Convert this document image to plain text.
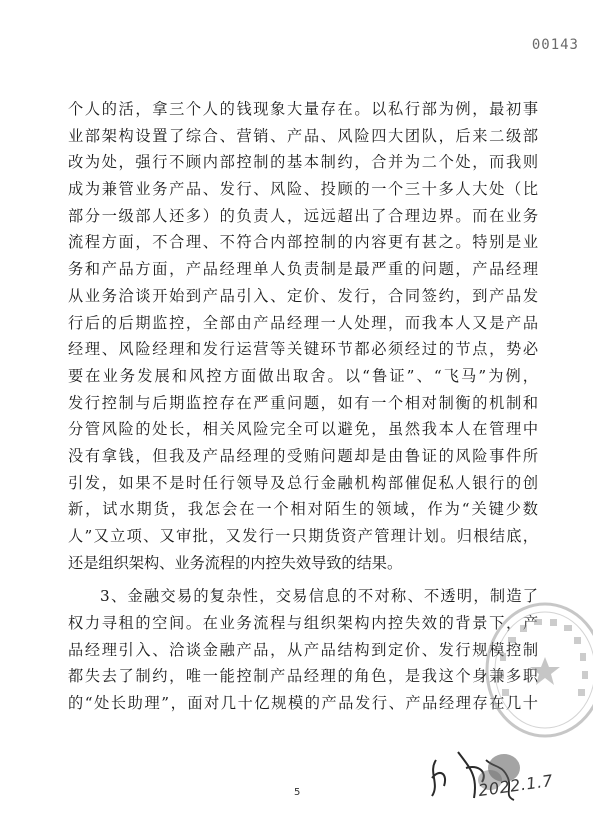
00143
个人的活，拿三个人的钱现象大量存在。以私行部为例，最初事
业部架构设置了综合、营销、产品、风险四大团队，后来二级部
改为处，强行不顾内部控制的基本制约，合并为二个处，而我则
成为兼管业务产品、发行、风险、投顾的一个三十多人大处（比
部分一级部人还多）的负责人，远远超出了合理边界。而在业务
流程方面，不合理、不符合内部控制的内容更有甚之。特别是业
务和产品方面，产品经理单人负责制是最严重的问题，产品经理
从业务洽谈开始到产品引入、定价、发行，合同签约，到产品发
行后的后期监控，全部由产品经理一人处理，而我本人又是产品
经理、风险经理和发行运营等关键环节都必须经过的节点，势必
要在业务发展和风控方面做出取舍。以“鲁证”、“飞马”为例，
发行控制与后期监控存在严重问题，如有一个相对制衡的机制和
分管风险的处长，相关风险完全可以避免，虽然我本人在管理中
没有拿钱，但我及产品经理的受贿问题却是由鲁证的风险事件所
引发，如果不是时任行领导及总行金融机构部催促私人银行的创
新，试水期货，我怎会在一个相对陌生的领域，作为“关键少数
人”又立项、又审批，又发行一只期货资产管理计划。归根结底，
还是组织架构、业务流程的内控失效导致的结果。
3、金融交易的复杂性，交易信息的不对称、不透明，制造了
权力寻租的空间。在业务流程与组织架构内控失效的背景下，产
品经理引入、洽谈金融产品，从产品结构到定价、发行规模控制
都失去了制约，唯一能控制产品经理的角色，是我这个身兼多职
的“处长助理”，面对几十亿规模的产品发行、产品经理存在几十
2022.1.7
5
